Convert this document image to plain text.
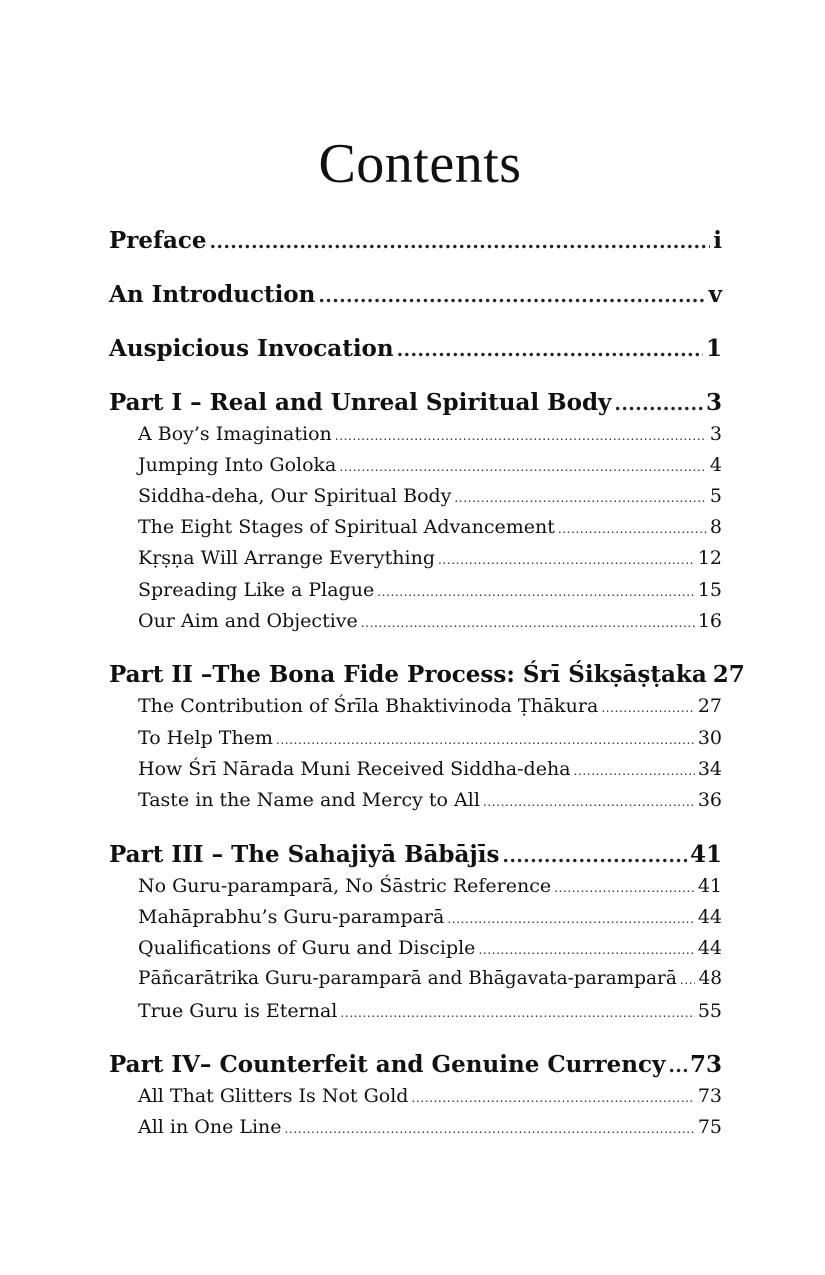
Contents
Preface .....	i
An Introduction .....	v
Auspicious Invocation .....	1
Part I – Real and Unreal Spiritual Body .....	3
A Boy’s Imagination .....	3
Jumping Into Goloka .....	4
Siddha-deha, Our Spiritual Body .....	5
The Eight Stages of Spiritual Advancement .....	8
Kṛṣṇa Will Arrange Everything .....	12
Spreading Like a Plague .....	15
Our Aim and Objective .....	16
Part II –The Bona Fide Process: Śrī Śikṣāṣṭaka 27
The Contribution of Śrīla Bhaktivinoda Ṭhākura .....	27
To Help Them .....	30
How Śrī Nārada Muni Received Siddha-deha .....	34
Taste in the Name and Mercy to All .....	36
Part III – The Sahajiyā Bābājīs .....	41
No Guru-paramparā, No Śāstric Reference .....	41
Mahāprabhu’s Guru-paramparā .....	44
Qualifications of Guru and Disciple .....	44
Pāñcarātrika Guru-paramparā and Bhāgavata-paramparā ..... 48
True Guru is Eternal .....	55
Part IV– Counterfeit and Genuine Currency ..... 73
All That Glitters Is Not Gold .....	73
All in One Line .....	75
